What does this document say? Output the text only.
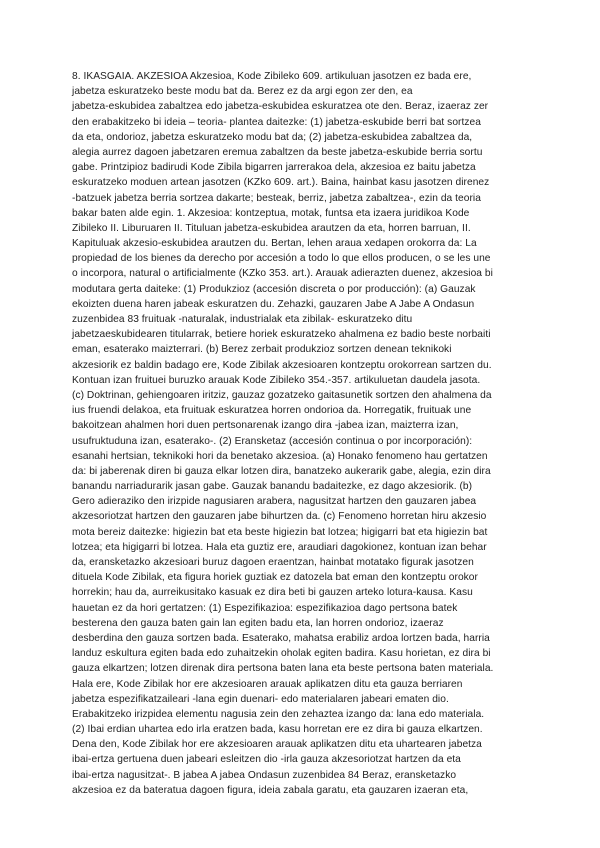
8. IKASGAIA. AKZESIOA Akzesioa, Kode Zibileko 609. artikuluan jasotzen ez bada ere,
jabetza eskuratzeko beste modu bat da. Berez ez da argi egon zer den, ea
jabetza-eskubidea zabaltzea edo jabetza-eskubidea eskuratzea ote den. Beraz, izaeraz zer
den erabakitzeko bi ideia – teoria- plantea daitezke: (1) jabetza-eskubide berri bat sortzea
da eta, ondorioz, jabetza eskuratzeko modu bat da; (2) jabetza-eskubidea zabaltzea da,
alegia aurrez dagoen jabetzaren eremua zabaltzen da beste jabetza-eskubide berria sortu
gabe. Printzipioz badirudi Kode Zibila bigarren jarrerakoa dela, akzesioa ez baitu jabetza
eskuratzeko moduen artean jasotzen (KZko 609. art.). Baina, hainbat kasu jasotzen direnez
-batzuek jabetza berria sortzea dakarte; besteak, berriz, jabetza zabaltzea-, ezin da teoria
bakar baten alde egin. 1. Akzesioa: kontzeptua, motak, funtsa eta izaera juridikoa Kode
Zibileko II. Liburuaren II. Tituluan jabetza-eskubidea arautzen da eta, horren barruan, II.
Kapituluak akzesio-eskubidea arautzen du. Bertan, lehen araua xedapen orokorra da: La
propiedad de los bienes da derecho por accesión a todo lo que ellos producen, o se les une
o incorpora, natural o artificialmente (KZko 353. art.). Arauak adierazten duenez, akzesioa bi
modutara gerta daiteke: (1) Produkzioz (accesión discreta o por producción): (a) Gauzak
ekoizten duena haren jabeak eskuratzen du. Zehazki, gauzaren Jabe A Jabe A Ondasun
zuzenbidea 83 fruituak -naturalak, industrialak eta zibilak- eskuratzeko ditu
jabetzaeskubidearen titularrak, betiere horiek eskuratzeko ahalmena ez badio beste norbaiti
eman, esaterako maizterrari. (b) Berez zerbait produkzioz sortzen denean teknikoki
akzesiorik ez baldin badago ere, Kode Zibilak akzesioaren kontzeptu orokorrean sartzen du.
Kontuan izan fruituei buruzko arauak Kode Zibileko 354.-357. artikuluetan daudela jasota.
(c) Doktrinan, gehiengoaren iritziz, gauzaz gozatzeko gaitasunetik sortzen den ahalmena da
ius fruendi delakoa, eta fruituak eskuratzea horren ondorioa da. Horregatik, fruituak une
bakoitzean ahalmen hori duen pertsonarenak izango dira -jabea izan, maizterra izan,
usufruktuduna izan, esaterako-. (2) Eransketaz (accesión continua o por incorporación):
esanahi hertsian, teknikoki hori da benetako akzesioa. (a) Honako fenomeno hau gertatzen
da: bi jaberenak diren bi gauza elkar lotzen dira, banatzeko aukerarik gabe, alegia, ezin dira
banandu narriadurarik jasan gabe. Gauzak banandu badaitezke, ez dago akzesiorik. (b)
Gero adieraziko den irizpide nagusiaren arabera, nagusitzat hartzen den gauzaren jabea
akzesoriotzat hartzen den gauzaren jabe bihurtzen da. (c) Fenomeno horretan hiru akzesio
mota bereiz daitezke: higiezin bat eta beste higiezin bat lotzea; higigarri bat eta higiezin bat
lotzea; eta higigarri bi lotzea. Hala eta guztiz ere, araudiari dagokionez, kontuan izan behar
da, eransketazko akzesioari buruz dagoen eraentzan, hainbat motatako figurak jasotzen
dituela Kode Zibilak, eta figura horiek guztiak ez datozela bat eman den kontzeptu orokor
horrekin; hau da, aurreikusitako kasuak ez dira beti bi gauzen arteko lotura-kausa. Kasu
hauetan ez da hori gertatzen: (1) Espezifikazioa: espezifikazioa dago pertsona batek
besterena den gauza baten gain lan egiten badu eta, lan horren ondorioz, izaeraz
desberdina den gauza sortzen bada. Esaterako, mahatsa erabiliz ardoa lortzen bada, harria
landuz eskultura egiten bada edo zuhaitzekin oholak egiten badira. Kasu horietan, ez dira bi
gauza elkartzen; lotzen direnak dira pertsona baten lana eta beste pertsona baten materiala.
Hala ere, Kode Zibilak hor ere akzesioaren arauak aplikatzen ditu eta gauza berriaren
jabetza espezifikatzaileari -lana egin duenari- edo materialaren jabeari ematen dio.
Erabakitzeko irizpidea elementu nagusia zein den zehaztea izango da: lana edo materiala.
(2) Ibai erdian uhartea edo irla eratzen bada, kasu horretan ere ez dira bi gauza elkartzen.
Dena den, Kode Zibilak hor ere akzesioaren arauak aplikatzen ditu eta uhartearen jabetza
ibai-ertza gertuena duen jabeari esleitzen dio -irla gauza akzesoriotzat hartzen da eta
ibai-ertza nagusitzat-. B jabea A jabea Ondasun zuzenbidea 84 Beraz, eransketazko
akzesioa ez da bateratua dagoen figura, ideia zabala garatu, eta gauzaren izaeran eta,
